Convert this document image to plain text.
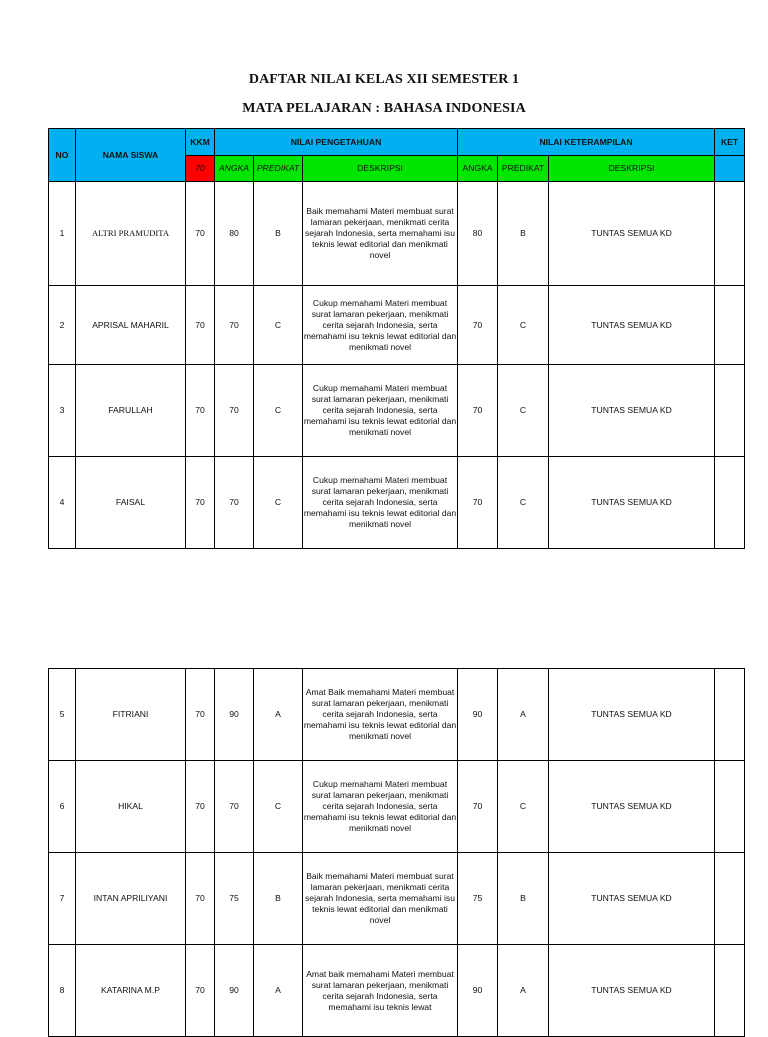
DAFTAR NILAI KELAS XII SEMESTER 1
MATA PELAJARAN : BAHASA INDONESIA
NO	NAMA SISWA	KKM	NILAI PENGETAHUAN			NILAI KETERAMPILAN			KET
		70	ANGKA	PREDIKAT	DESKRIPSI	ANGKA	PREDIKAT	DESKRIPSI	
1	ALTRI PRAMUDITA	70	80	B	Baik memahami Materi membuat surat lamaran pekerjaan, menikmati cerita sejarah Indonesia, serta memahami isu teknis lewat editorial dan menikmati novel	80	B	TUNTAS SEMUA KD	
2	APRISAL MAHARIL	70	70	C	Cukup memahami Materi membuat surat lamaran pekerjaan, menikmati cerita sejarah Indonesia, serta memahami isu teknis lewat editorial dan menikmati novel	70	C	TUNTAS SEMUA KD	
3	FARULLAH	70	70	C	Cukup memahami Materi membuat surat lamaran pekerjaan, menikmati cerita sejarah Indonesia, serta memahami isu teknis lewat editorial dan menikmati novel	70	C	TUNTAS SEMUA KD	
4	FAISAL	70	70	C	Cukup memahami Materi membuat surat lamaran pekerjaan, menikmati cerita sejarah Indonesia, serta memahami isu teknis lewat editorial dan menikmati novel	70	C	TUNTAS SEMUA KD	
5	FITRIANI	70	90	A	Amat Baik memahami Materi membuat surat lamaran pekerjaan, menikmati cerita sejarah Indonesia, serta memahami isu teknis lewat editorial dan menikmati novel	90	A	TUNTAS SEMUA KD	
6	HIKAL	70	70	C	Cukup memahami Materi membuat surat lamaran pekerjaan, menikmati cerita sejarah Indonesia, serta memahami isu teknis lewat editorial dan menikmati novel	70	C	TUNTAS SEMUA KD	
7	INTAN APRILIYANI	70	75	B	Baik memahami Materi membuat surat lamaran pekerjaan, menikmati cerita sejarah Indonesia, serta memahami isu teknis lewat editorial dan menikmati novel	75	B	TUNTAS SEMUA KD	
8	KATARINA M.P	70	90	A	Amat baik memahami Materi membuat surat lamaran pekerjaan, menikmati cerita sejarah Indonesia, serta memahami isu teknis lewat	90	A	TUNTAS SEMUA KD	
